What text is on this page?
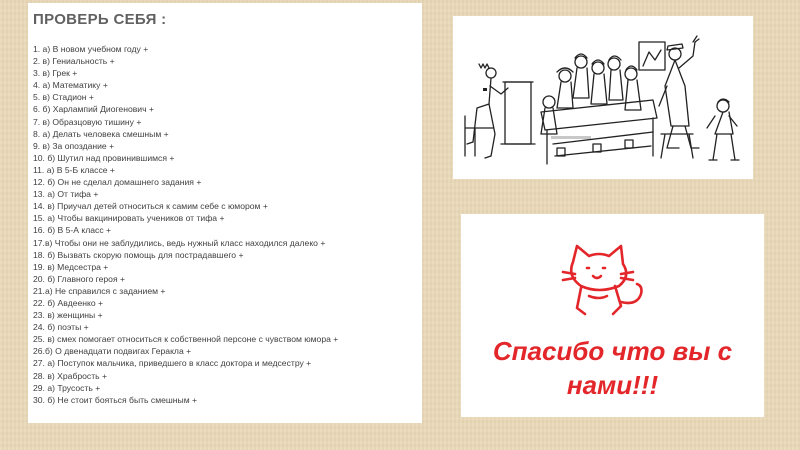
ПРОВЕРЬ СЕБЯ :
1. а) В новом учебном году +
2. в) Гениальность +
3. в) Грек +
4. а) Математику +
5. в) Стадион +
6. б) Харлампий Диогенович +
7. в) Образцовую тишину +
8. а) Делать человека смешным +
9. в) За опоздание +
10. б) Шутил над провинившимся +
11. а) В 5-Б классе +
12. б) Он не сделал домашнего задания +
13. а) От тифа +
14. в) Приучал детей относиться к самим себе с юмором +
15. а) Чтобы вакцинировать учеников от тифа +
16. б) В 5-А класс +
17.в) Чтобы они не заблудились, ведь нужный класс находился далеко +
18. б) Вызвать скорую помощь для пострадавшего +
19. в) Медсестра +
20. б) Главного героя +
21.а) Не справился с заданием +
22. б) Авдеенко +
23. в) женщины +
24. б) поэты +
25. в) смех помогает относиться к собственной персоне с чувством юмора +
26.б) О двенадцати подвигах Геракла +
27. а) Поступок мальчика, приведшего в класс доктора и медсестру +
28. в) Храбрость +
29. а) Трусость +
30. б) Не стоит бояться быть смешным +
Спасибо что вы с
нами!!!
